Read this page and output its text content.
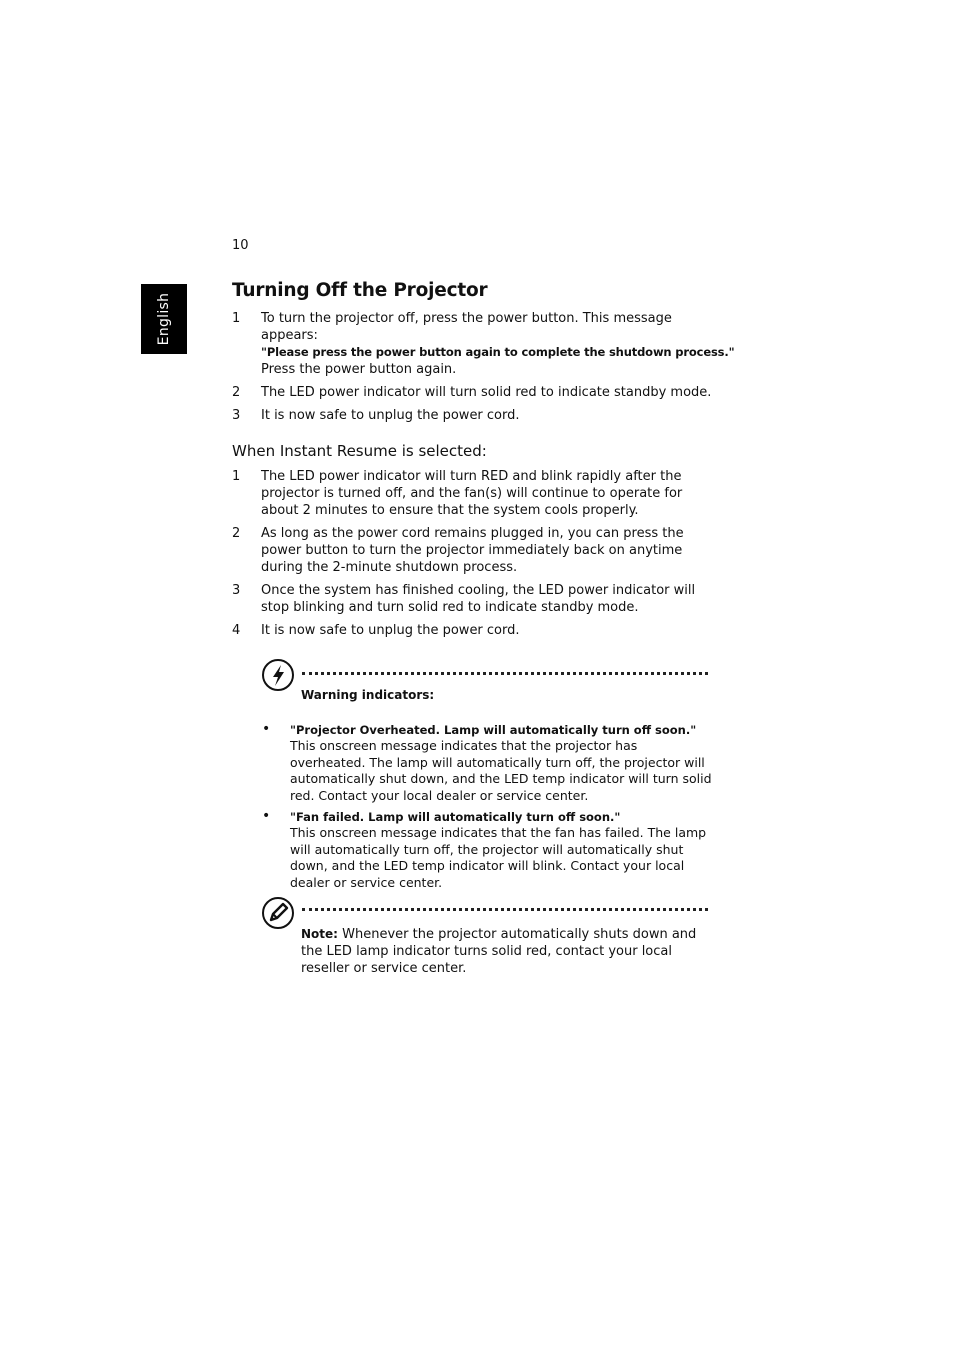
10
English
Turning Off the Projector
1 To turn the projector off, press the power button. This message appears:
"Please press the power button again to complete the shutdown process."
Press the power button again.
2 The LED power indicator will turn solid red to indicate standby mode.
3 It is now safe to unplug the power cord.
When Instant Resume is selected:
1 The LED power indicator will turn RED and blink rapidly after the projector is turned off, and the fan(s) will continue to operate for about 2 minutes to ensure that the system cools properly.
2 As long as the power cord remains plugged in, you can press the power button to turn the projector immediately back on anytime during the 2-minute shutdown process.
3 Once the system has finished cooling, the LED power indicator will stop blinking and turn solid red to indicate standby mode.
4 It is now safe to unplug the power cord.
Warning indicators:
• "Projector Overheated. Lamp will automatically turn off soon."
This onscreen message indicates that the projector has overheated. The lamp will automatically turn off, the projector will automatically shut down, and the LED temp indicator will turn solid red. Contact your local dealer or service center.
• "Fan failed. Lamp will automatically turn off soon."
This onscreen message indicates that the fan has failed. The lamp will automatically turn off, the projector will automatically shut down, and the LED temp indicator will blink. Contact your local dealer or service center.
Note: Whenever the projector automatically shuts down and the LED lamp indicator turns solid red, contact your local reseller or service center.
